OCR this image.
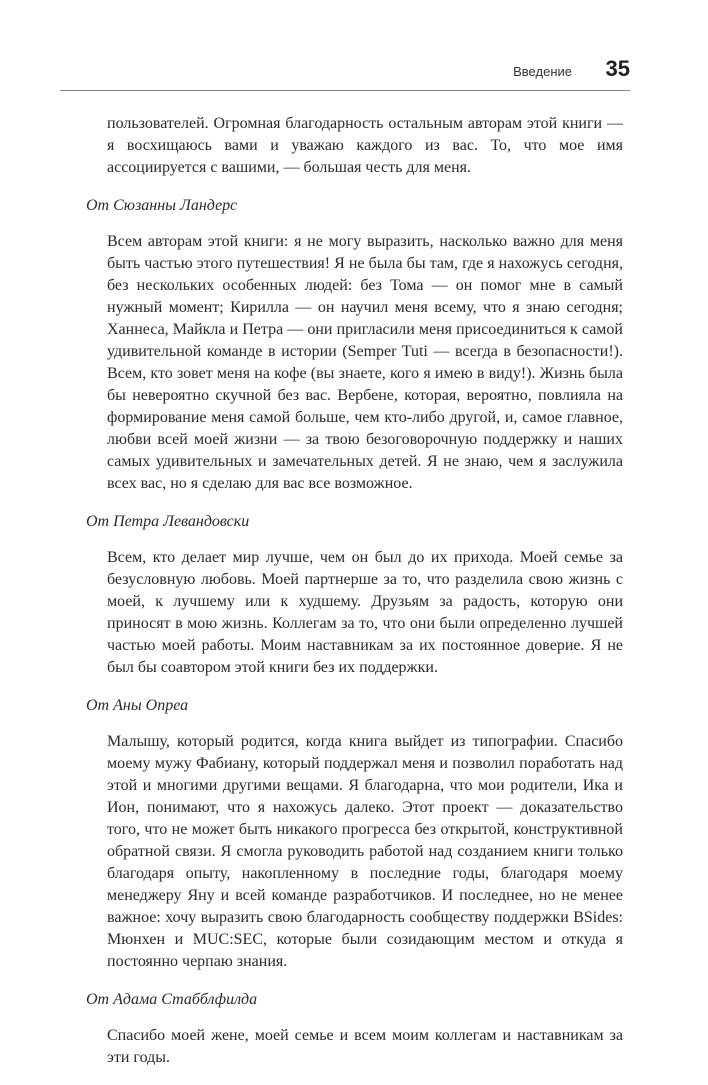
Введение 35

пользователей. Огромная благодарность остальным авторам этой книги — я восхищаюсь вами и уважаю каждого из вас. То, что мое имя ассоциируется с вашими, — большая честь для меня.

От Сюзанны Ландерс

Всем авторам этой книги: я не могу выразить, насколько важно для меня быть частью этого путешествия! Я не была бы там, где я нахожусь сегодня, без нескольких особенных людей: без Тома — он помог мне в самый нужный момент; Кирилла — он научил меня всему, что я знаю сегодня; Ханнеса, Майкла и Петра — они пригласили меня присоединиться к самой удивительной команде в истории (Semper Tuti — всегда в безопасности!). Всем, кто зовет меня на кофе (вы знаете, кого я имею в виду!). Жизнь была бы невероятно скучной без вас. Вербене, которая, вероятно, повлияла на формирование меня самой больше, чем кто-либо другой, и, самое главное, любви всей моей жизни — за твою безоговорочную поддержку и наших самых удивительных и замечательных детей. Я не знаю, чем я заслужила всех вас, но я сделаю для вас все возможное.

От Петра Левандовски

Всем, кто делает мир лучше, чем он был до их прихода. Моей семье за безусловную любовь. Моей партнерше за то, что разделила свою жизнь с моей, к лучшему или к худшему. Друзьям за радость, которую они приносят в мою жизнь. Коллегам за то, что они были определенно лучшей частью моей работы. Моим наставникам за их постоянное доверие. Я не был бы соавтором этой книги без их поддержки.

От Аны Опреа

Малышу, который родится, когда книга выйдет из типографии. Спасибо моему мужу Фабиану, который поддержал меня и позволил поработать над этой и многими другими вещами. Я благодарна, что мои родители, Ика и Ион, понимают, что я нахожусь далеко. Этот проект — доказательство того, что не может быть никакого прогресса без открытой, конструктивной обратной связи. Я смогла руководить работой над созданием книги только благодаря опыту, накопленному в последние годы, благодаря моему менеджеру Яну и всей команде разработчиков. И последнее, но не менее важное: хочу выразить свою благодарность сообществу поддержки BSides: Мюнхен и MUC:SEC, которые были созидающим местом и откуда я постоянно черпаю знания.

От Адама Стабблфилда

Спасибо моей жене, моей семье и всем моим коллегам и наставникам за эти годы.
